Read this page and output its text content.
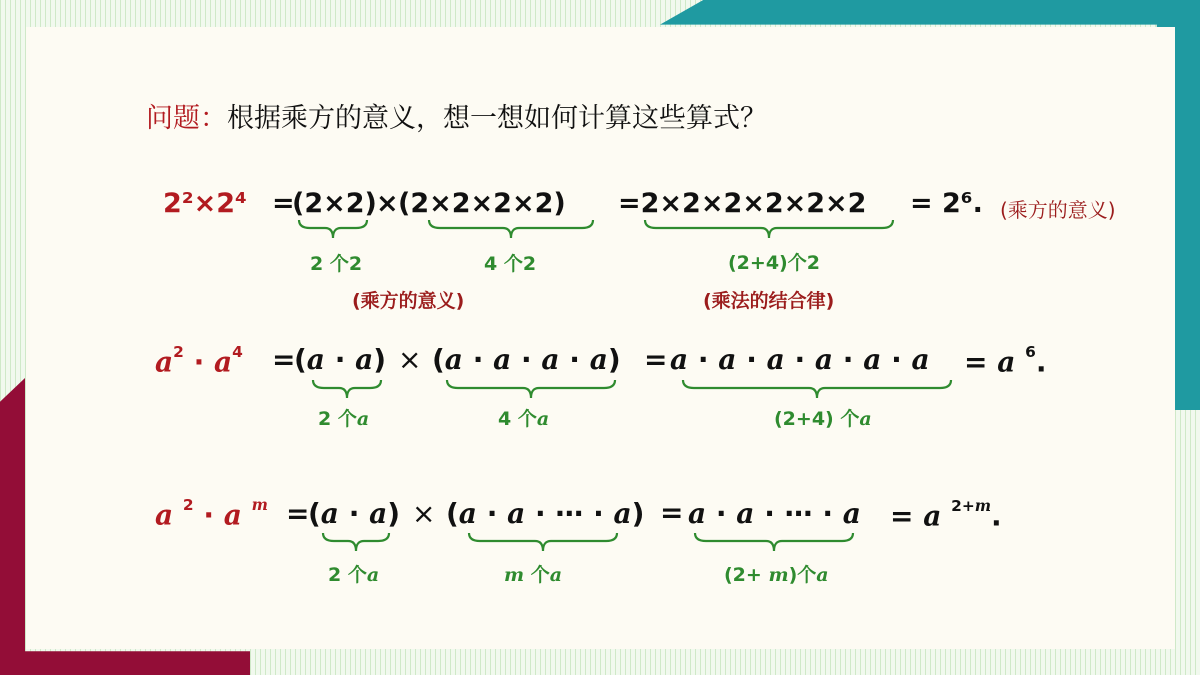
问题：根据乘方的意义，想一想如何计算这些算式？
2²×2⁴ =
(2×2) × (2×2×2×2) =2×2×2×2×2×2 = 2⁶. (乘方的意义)
2 个2	4 个2	(2+4)个2
(乘方的意义)	(乘法的结合律)
$a^2 \cdot a^4$ =
(a · a) × (a · a · a · a) = a · a · a · a · a · a = a $^6$.
2 个a	4 个a	(2+4) 个a
a $^2$ · a $^m$ =
(a · a) × (a · a · ⋯ · a) = a · a · ⋯ · a = a $^{2+m}$.
2 个a	m 个a	(2+ m)个a
